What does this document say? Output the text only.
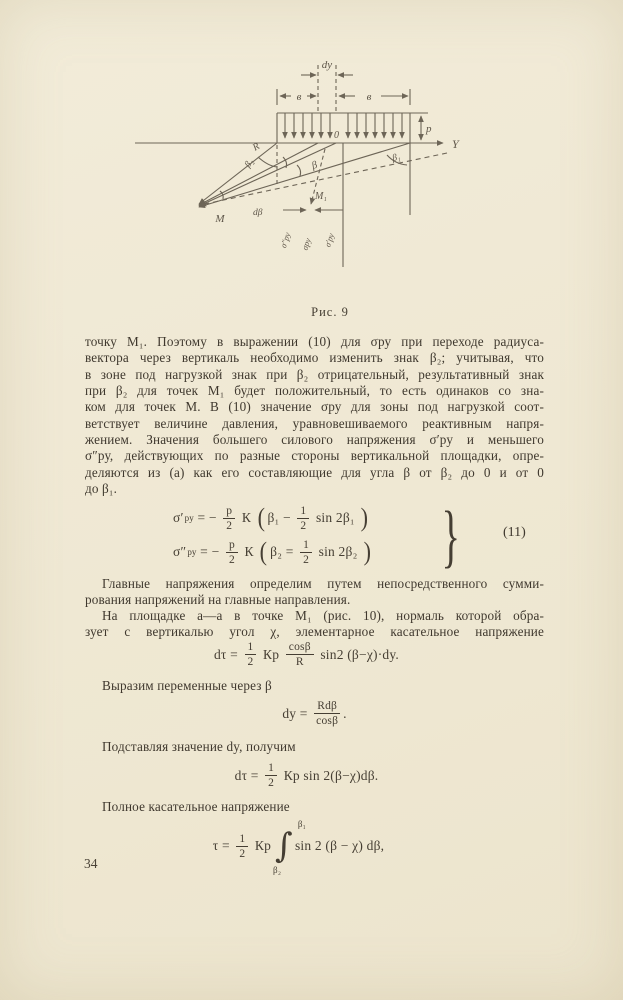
dy
в	в
p
Y
0
M
M₁
R
β
β₂	β₁
dβ
σ″ру σру σ′ру
Рис. 9
точку М₁. Поэтому в выражении (10) для σру при переходе радиуса-
вектора через вертикаль необходимо изменить знак β₂; учитывая, что
в зоне под нагрузкой знак при β₂ отрицательный, результативный знак
при β₂ для точек М₁ будет положительный, то есть одинаков со зна-
ком для точек М. В (10) значение σру для зоны под нагрузкой соот-
ветствует величине давления, уравновешиваемого реактивным напря-
жением. Значения большего силового напряжения σ′ру и меньшего
σ″ру, действующих по разные стороны вертикальной площадки, опре-
деляются из (а) как его составляющие для угла β от β₂ до 0 и от 0
до β₁.
σ′ ру = − $\frac{p}{2}$ К ( $\beta_1 - \frac{1}{2}$ sin 2β₁ )
σ″ ру = − $\frac{p}{2}$ К ( $\beta_2 = \frac{1}{2}$ sin 2β₂ ) }	(11)
Главные напряжения определим путем непосредственного сумми-
рования напряжений на главные направления.
На площадке а—а в точке М₁ (рис. 10), нормаль которой обра-
зует с вертикалью угол χ, элементарное касательное напряжение
$d\tau = \frac{1}{2}$ Кр $\frac{\cos\beta}{R} \sin 2$ (β−χ)·dy.
Выразим переменные через β
dy = $\frac{\text{Rdβ}}{\cos\beta}$ .
Подставляя значение dy, получим
$d\tau = \frac{1}{2}$ Кр sin 2(β−χ)dβ.
Полное касательное напряжение
$\tau = \frac{1}{2}$ Кр ∫
β₁
β₂
sin 2 (β − χ) dβ,
34
